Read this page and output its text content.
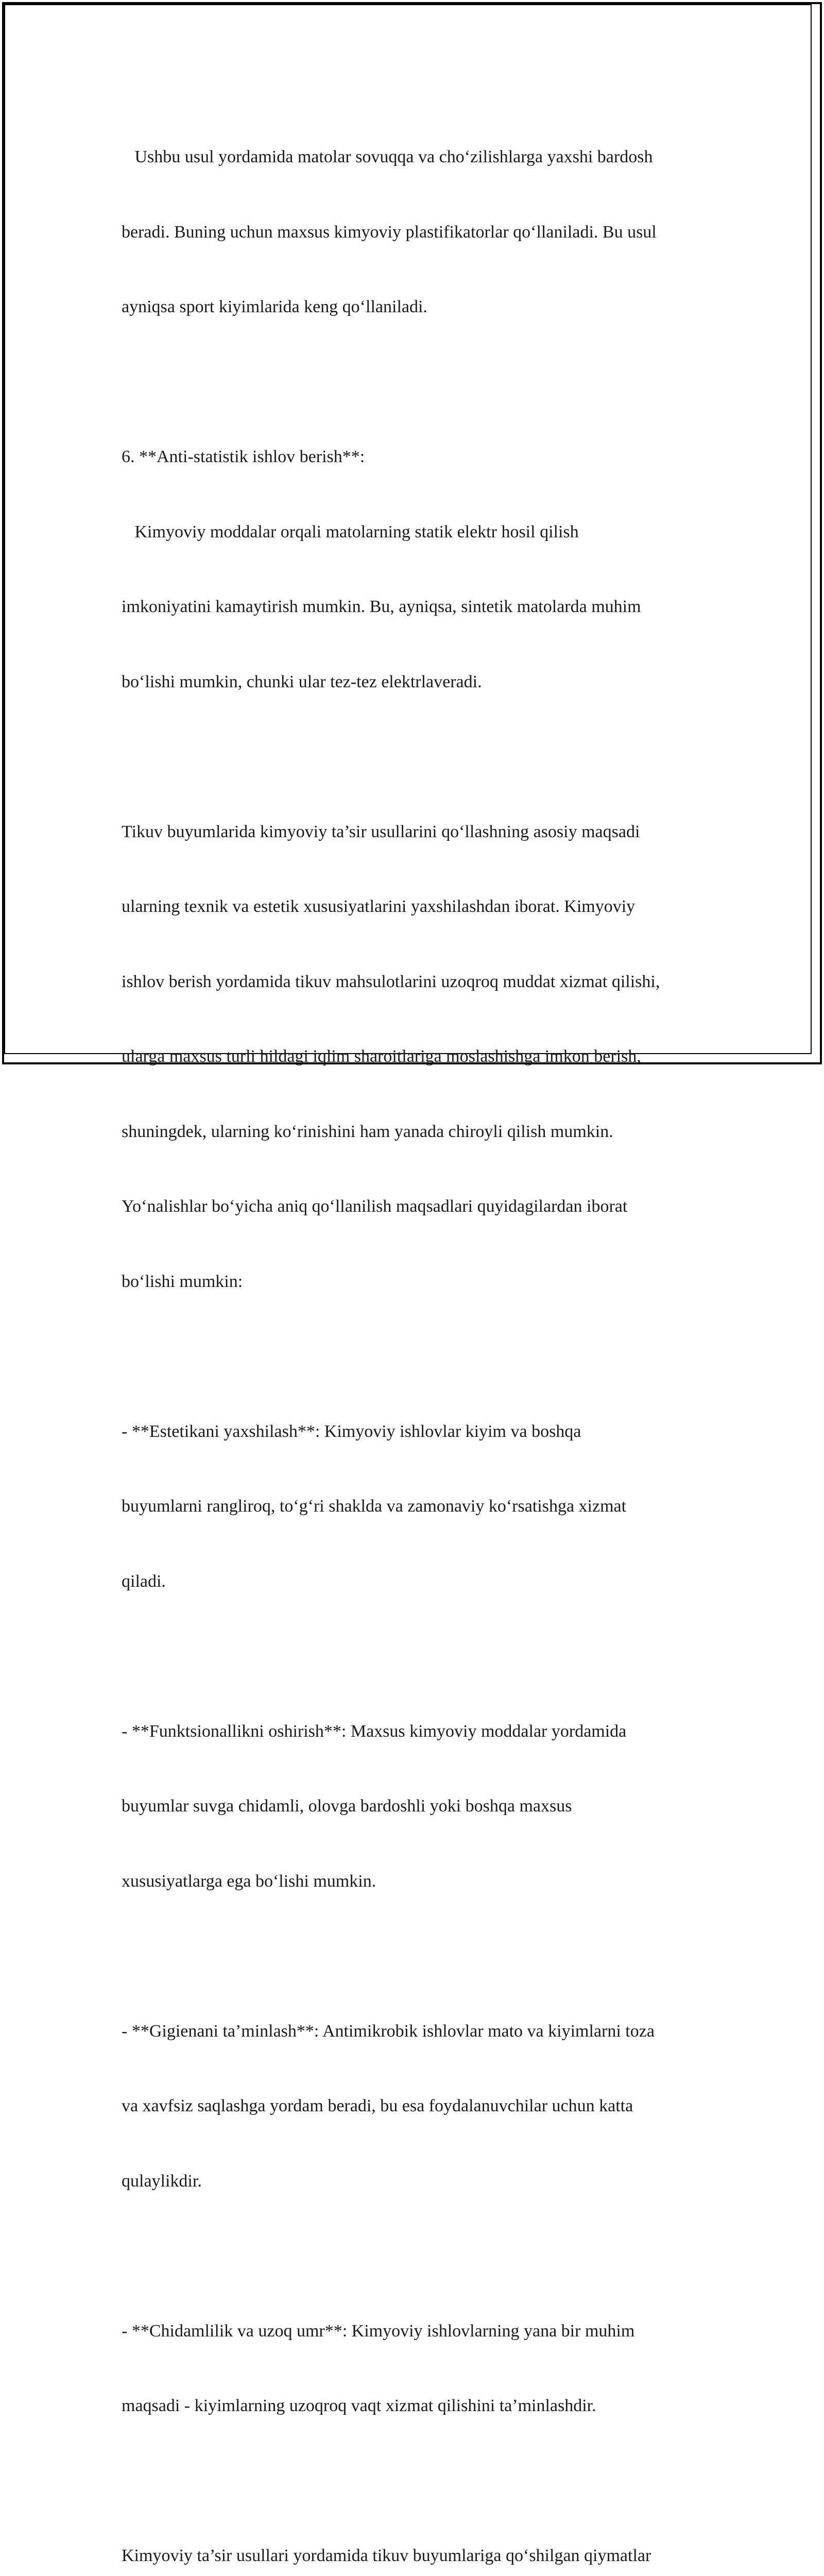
Ushbu usul yordamida matolar sovuqqa va cho‘zilishlarga yaxshi bardosh

beradi. Buning uchun maxsus kimyoviy plastifikatorlar qo‘llaniladi. Bu usul

ayniqsa sport kiyimlarida keng qo‘llaniladi.

6. **Anti-statistik ishlov berish**:

Kimyoviy moddalar orqali matolarning statik elektr hosil qilish

imkoniyatini kamaytirish mumkin. Bu, ayniqsa, sintetik matolarda muhim

bo‘lishi mumkin, chunki ular tez-tez elektrlaveradi.

Tikuv buyumlarida kimyoviy ta’sir usullarini qo‘llashning asosiy maqsadi

ularning texnik va estetik xususiyatlarini yaxshilashdan iborat. Kimyoviy

ishlov berish yordamida tikuv mahsulotlarini uzoqroq muddat xizmat qilishi,

ularga maxsus turli hildagi iqlim sharoitlariga moslashishga imkon berish,

shuningdek, ularning ko‘rinishini ham yanada chiroyli qilish mumkin.

Yo‘nalishlar bo‘yicha aniq qo‘llanilish maqsadlari quyidagilardan iborat

bo‘lishi mumkin:

- **Estetikani yaxshilash**: Kimyoviy ishlovlar kiyim va boshqa

buyumlarni rangliroq, to‘g‘ri shaklda va zamonaviy ko‘rsatishga xizmat

qiladi.

- **Funktsionallikni oshirish**: Maxsus kimyoviy moddalar yordamida

buyumlar suvga chidamli, olovga bardoshli yoki boshqa maxsus

xususiyatlarga ega bo‘lishi mumkin.

- **Gigienani ta’minlash**: Antimikrobik ishlovlar mato va kiyimlarni toza

va xavfsiz saqlashga yordam beradi, bu esa foydalanuvchilar uchun katta

qulaylikdir.

- **Chidamlilik va uzoq umr**: Kimyoviy ishlovlarning yana bir muhim

maqsadi - kiyimlarning uzoqroq vaqt xizmat qilishini ta’minlashdir.

Kimyoviy ta’sir usullari yordamida tikuv buyumlariga qo‘shilgan qiymatlar
